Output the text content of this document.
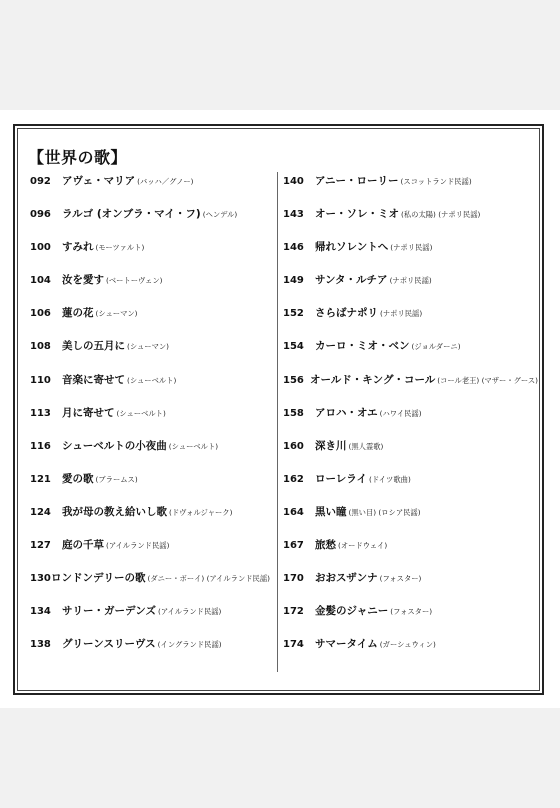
【世界の歌】
092	アヴェ・マリア (バッハ／グノー)
096	ラルゴ (オンブラ・マイ・フ) (ヘンデル)
100	すみれ (モーツァルト)
104	汝を愛す (ベートーヴェン)
106	蓮の花 (シューマン)
108	美しの五月に (シューマン)
110	音楽に寄せて (シューベルト)
113	月に寄せて (シューベルト)
116	シューベルトの小夜曲 (シューベルト)
121	愛の歌 (ブラームス)
124	我が母の教え給いし歌 (ドヴォルジャーク)
127	庭の千草 (アイルランド民謡)
130 ロンドンデリーの歌 (ダニー・ボーイ) (アイルランド民謡)
134	サリー・ガーデンズ (アイルランド民謡)
138	グリーンスリーヴス (イングランド民謡)
140	アニー・ローリー (スコットランド民謡)
143	オー・ソレ・ミオ (私の太陽) (ナポリ民謡)
146	帰れソレントへ (ナポリ民謡)
149	サンタ・ルチア (ナポリ民謡)
152	さらばナポリ (ナポリ民謡)
154	カーロ・ミオ・ベン (ジョルダーニ)
156 オールド・キング・コール (コール老王) (マザー・グース)
158	アロハ・オエ (ハワイ民謡)
160	深き川 (黒人霊歌)
162	ローレライ (ドイツ歌曲)
164	黒い瞳 (黒い目) (ロシア民謡)
167	旅愁 (オードウェイ)
170	おおスザンナ (フォスター)
172	金髪のジャニー (フォスター)
174	サマータイム (ガーシュウィン)
